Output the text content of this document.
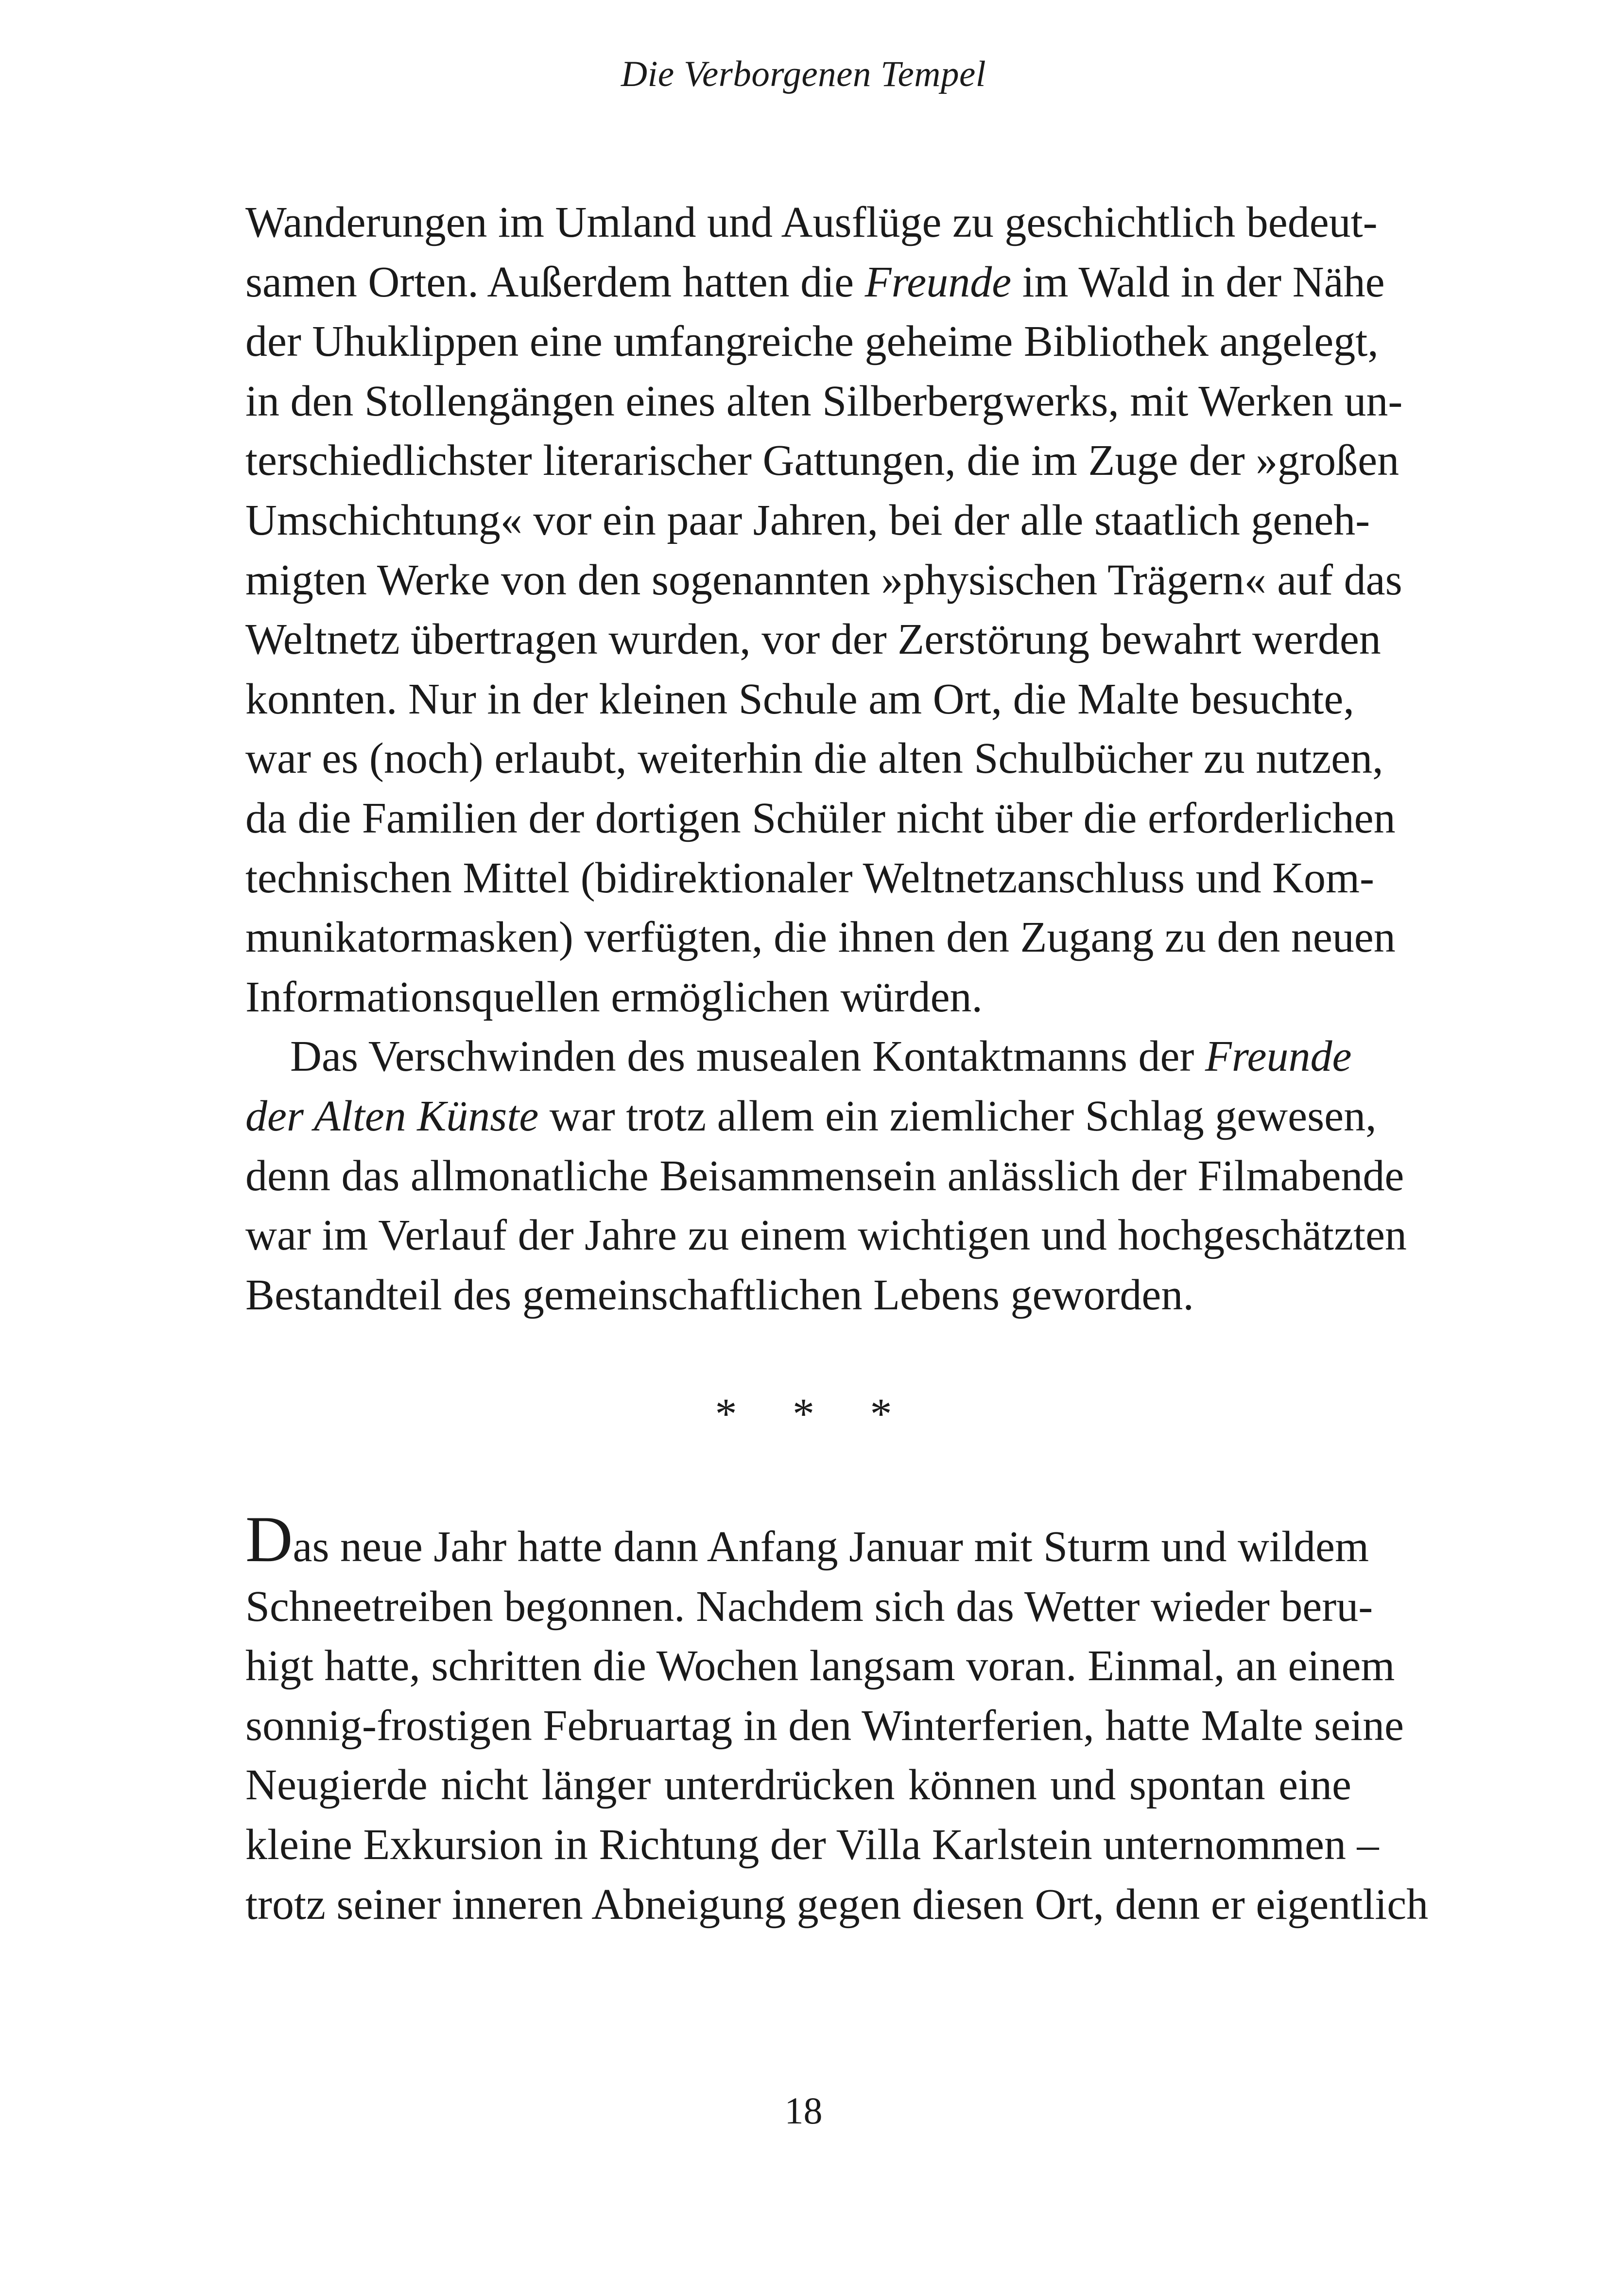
Die Verborgenen Tempel
Wanderungen im Umland und Ausflüge zu geschichtlich bedeut-
samen Orten. Außerdem hatten die Freunde im Wald in der Nähe
der Uhuklippen eine umfangreiche geheime Bibliothek angelegt,
in den Stollengängen eines alten Silberbergwerks, mit Werken un-
terschiedlichster literarischer Gattungen, die im Zuge der »großen
Umschichtung« vor ein paar Jahren, bei der alle staatlich geneh-
migten Werke von den sogenannten »physischen Trägern« auf das
Weltnetz übertragen wurden, vor der Zerstörung bewahrt werden
konnten. Nur in der kleinen Schule am Ort, die Malte besuchte,
war es (noch) erlaubt, weiterhin die alten Schulbücher zu nutzen,
da die Familien der dortigen Schüler nicht über die erforderlichen
technischen Mittel (bidirektionaler Weltnetzanschluss und Kom-
munikatormasken) verfügten, die ihnen den Zugang zu den neuen
Informationsquellen ermöglichen würden.
Das Verschwinden des musealen Kontaktmanns der Freunde
der Alten Künste war trotz allem ein ziemlicher Schlag gewesen,
denn das allmonatliche Beisammensein anlässlich der Filmabende
war im Verlauf der Jahre zu einem wichtigen und hochgeschätzten
Bestandteil des gemeinschaftlichen Lebens geworden.
* * *
Das neue Jahr hatte dann Anfang Januar mit Sturm und wildem
Schneetreiben begonnen. Nachdem sich das Wetter wieder beru-
higt hatte, schritten die Wochen langsam voran. Einmal, an einem
sonnig-frostigen Februartag in den Winterferien, hatte Malte seine
Neugierde nicht länger unterdrücken können und spontan eine
kleine Exkursion in Richtung der Villa Karlstein unternommen –
trotz seiner inneren Abneigung gegen diesen Ort, denn er eigentlich
18
